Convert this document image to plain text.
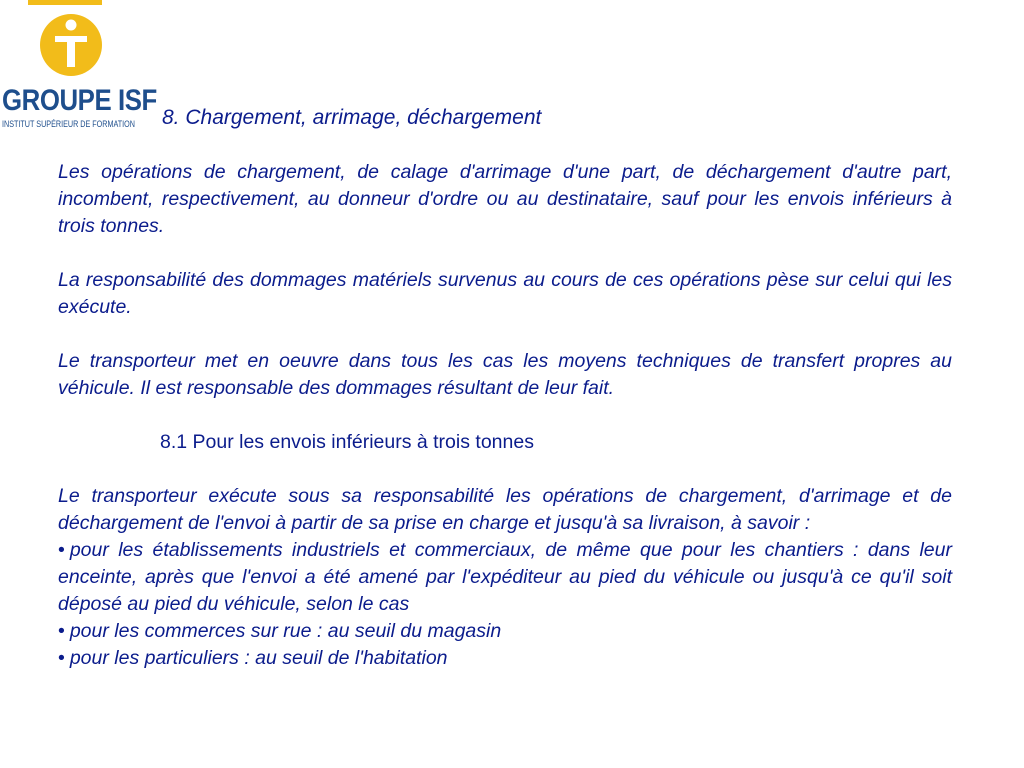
GROUPE ISF
INSTITUT SUPÉRIEUR DE FORMATION 8. Chargement, arrimage, déchargement

Les opérations de chargement, de calage d'arrimage d'une part, de déchargement d'autre part, incombent, respectivement, au donneur d'ordre ou au destinataire, sauf pour les envois inférieurs à trois tonnes.

La responsabilité des dommages matériels survenus au cours de ces opérations pèse sur celui qui les exécute.

Le transporteur met en oeuvre dans tous les cas les moyens techniques de transfert propres au véhicule. Il est responsable des dommages résultant de leur fait.

8.1 Pour les envois inférieurs à trois tonnes

Le transporteur exécute sous sa responsabilité les opérations de chargement, d'arrimage et de déchargement de l'envoi à partir de sa prise en charge et jusqu'à sa livraison, à savoir :

• pour les établissements industriels et commerciaux, de même que pour les chantiers : dans leur enceinte, après que l'envoi a été amené par l'expéditeur au pied du véhicule ou jusqu'à ce qu'il soit déposé au pied du véhicule, selon le cas
• pour les commerces sur rue : au seuil du magasin
• pour les particuliers : au seuil de l'habitation
